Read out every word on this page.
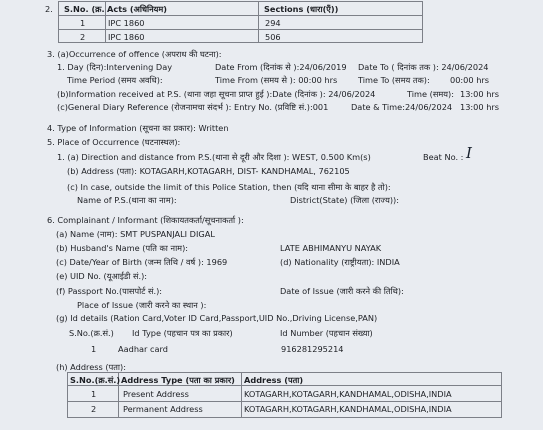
2. S.No. (क्र. Acts (अधिनियम)	Sections (धारा(एँ))
1	IPC 1860	294
2	IPC 1860	506
3. (a)Occurrence of offence (अपराध की घटना):
1. Day (दिन):Intervening Day	Date From (दिनांक से ):24/06/2019 Date To ( दिनांक तक ): 24/06/2024
Time Period (समय अवधि):	Time From (समय से ): 00:00 hrs	Time To (समय तक): 00:00 hrs
(b)Information received at P.S. (थाना जहा सूचना प्राप्त हुई ):Date (दिनांक ): 24/06/2024	Time (समय): 13:00 hrs
(c)General Diary Reference (रोजनामचा संदर्भ ): Entry No. (प्रविष्टि सं.):001	Date & Time:24/06/2024 13:00 hrs
4. Type of Information (सूचना का प्रकार): Written
5. Place of Occurrence (घटनास्थल):
1. (a) Direction and distance from P.S.(थाना से दूरी और दिशा ): WEST, 0.500 Km(s)	Beat No. : I
(b) Address (पता): KOTAGARH,KOTAGARH, DIST- KANDHAMAL, 762105
(c) In case, outside the limit of this Police Station, then (यदि थाना सीमा के बाहर है तो):
Name of P.S.(थाना का नाम):	District(State) (जिला (राज्य)):
6. Complainant / Informant (शिकायतकर्ता/सूचनाकर्ता ):
(a) Name (नाम): SMT PUSPANJALI DIGAL
(b) Husband's Name (पति का नाम):	LATE ABHIMANYU NAYAK
(c) Date/Year of Birth (जन्म तिथि / वर्ष ): 1969	(d) Nationality (राष्ट्रीयता): INDIA
(e) UID No. (यूआईडी सं.):
(f) Passport No.(पासपोर्ट सं.):	Date of Issue (जारी करने की तिथि):
Place of Issue (जारी करने का स्थान ):
(g) Id details (Ration Card,Voter ID Card,Passport,UID No.,Driving License,PAN)
S.No.(क्र.सं.) Id Type (पहचान पत्र का प्रकार)	Id Number (पहचान संख्या)
1	Aadhar card	916281295214
(h) Address (पता):
S.No.(क्र.सं.) Address Type (पता का प्रकार) Address (पता)
1	Present Address	KOTAGARH,KOTAGARH,KANDHAMAL,ODISHA,INDIA
2	Permanent Address	KOTAGARH,KOTAGARH,KANDHAMAL,ODISHA,INDIA
